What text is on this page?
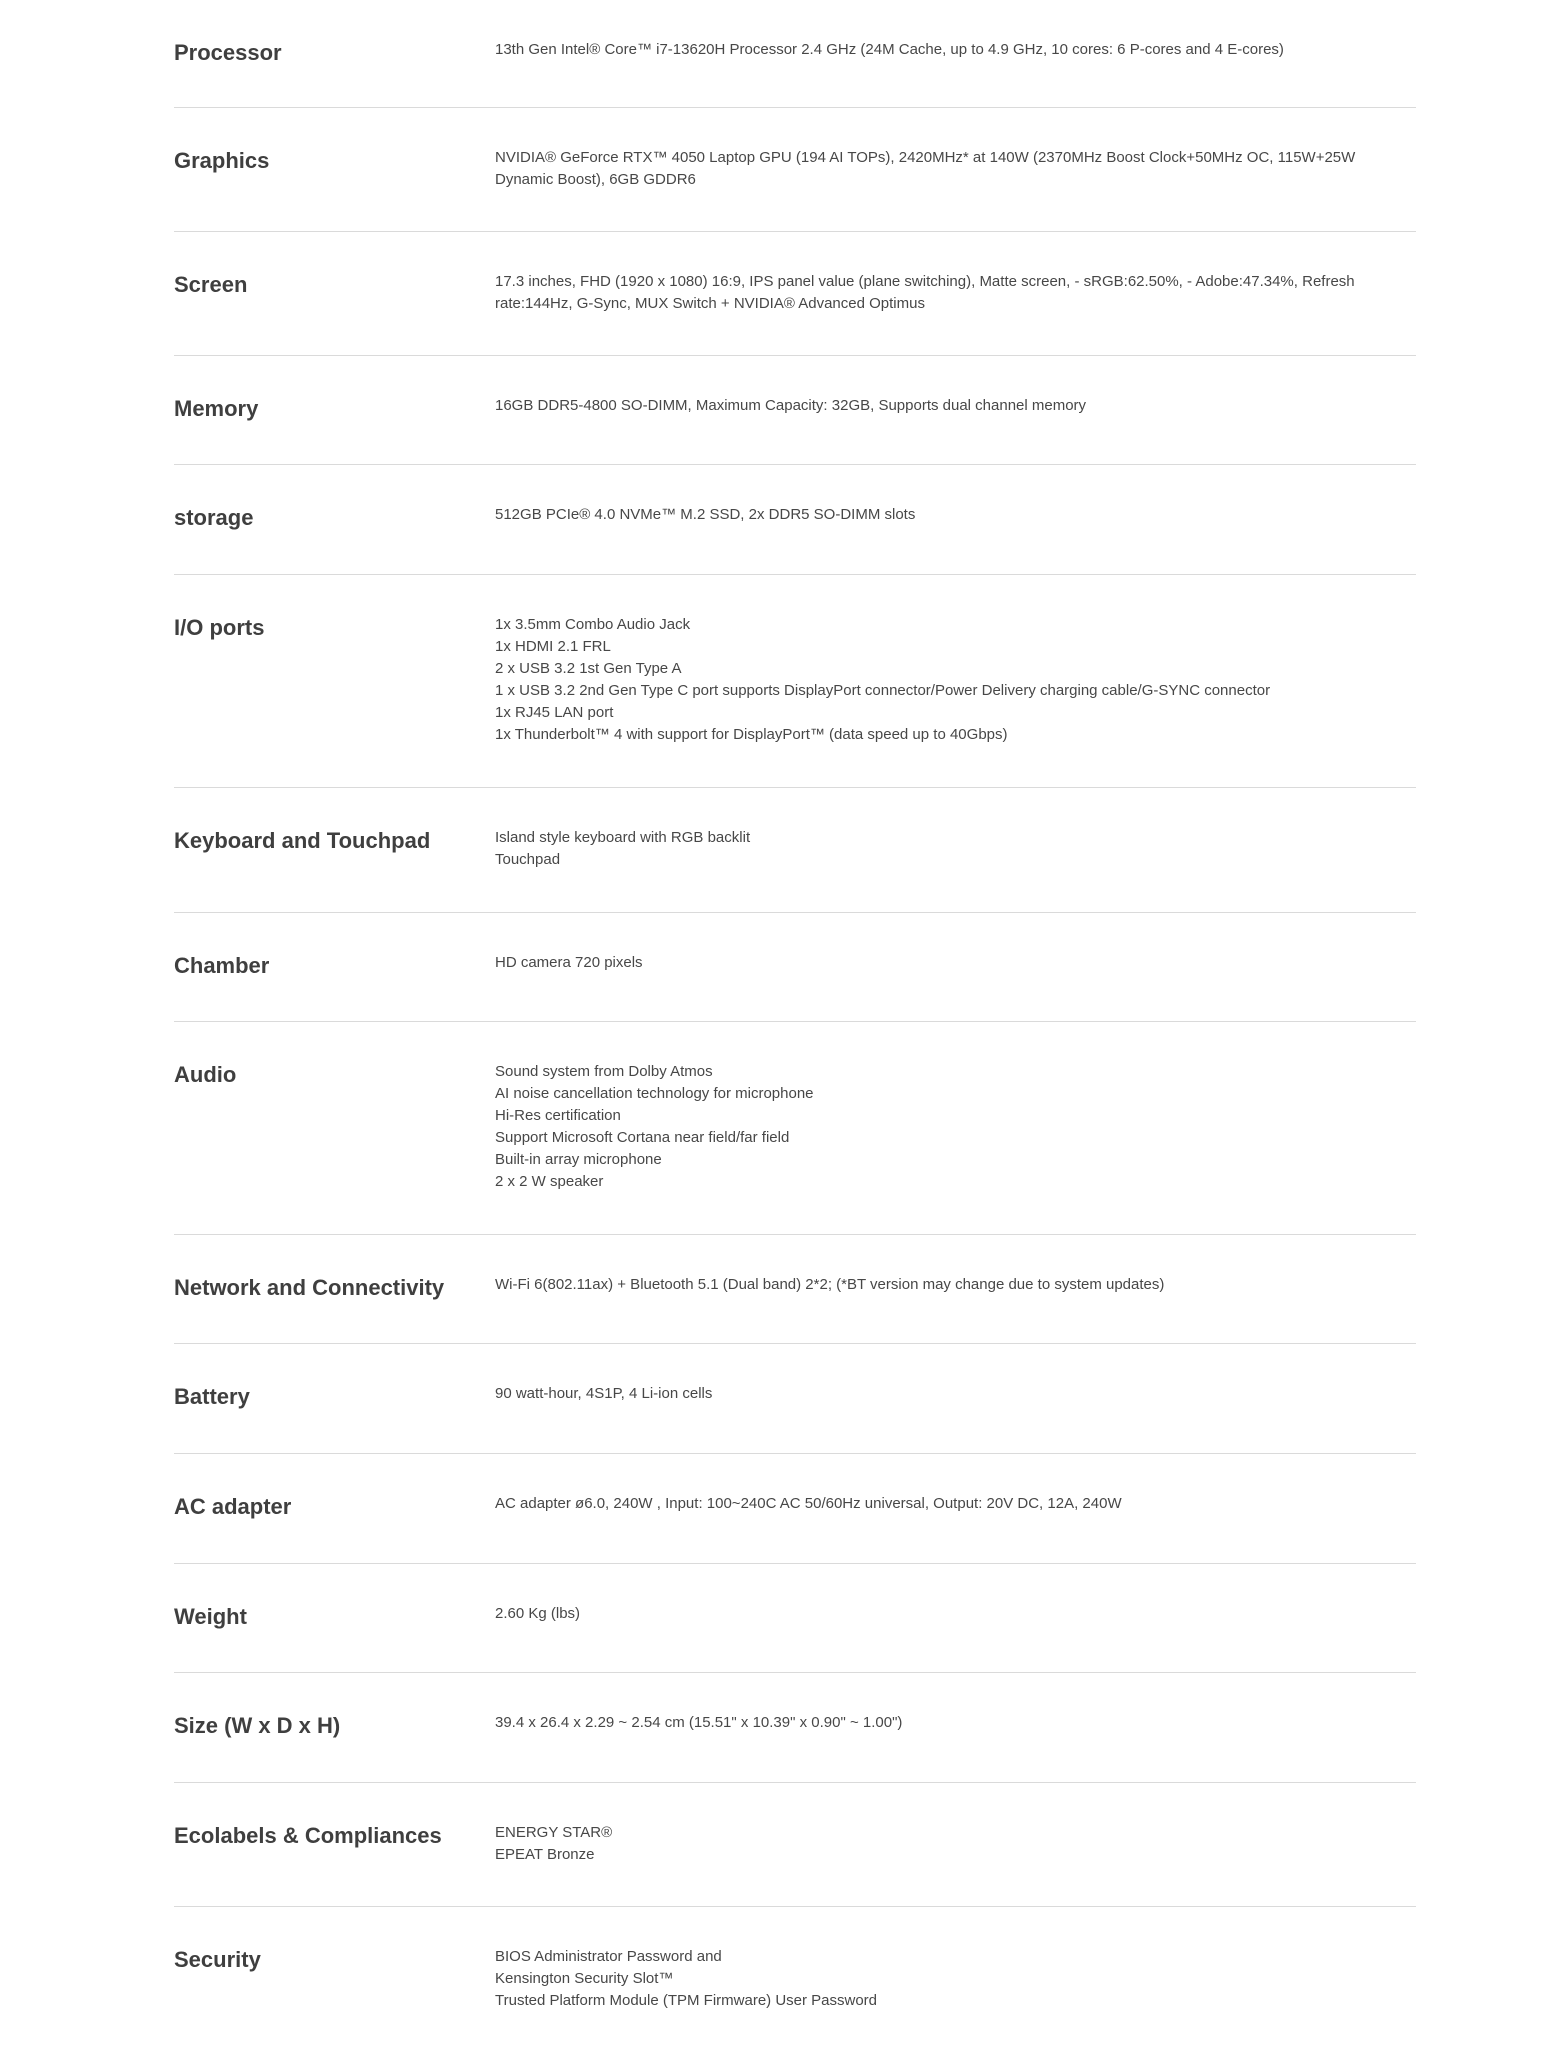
Processor	13th Gen Intel® Core™ i7-13620H Processor 2.4 GHz (24M Cache, up to 4.9 GHz, 10 cores: 6 P-cores and 4 E-cores)
Graphics	NVIDIA® GeForce RTX™ 4050 Laptop GPU (194 AI TOPs), 2420MHz* at 140W (2370MHz Boost Clock+50MHz OC, 115W+25W Dynamic Boost), 6GB GDDR6
Screen	17.3 inches, FHD (1920 x 1080) 16:9, IPS panel value (plane switching), Matte screen, - sRGB:62.50%, - Adobe:47.34%, Refresh rate:144Hz, G-Sync, MUX Switch + NVIDIA® Advanced Optimus
Memory	16GB DDR5-4800 SO-DIMM, Maximum Capacity: 32GB, Supports dual channel memory
storage	512GB PCIe® 4.0 NVMe™ M.2 SSD, 2x DDR5 SO-DIMM slots
I/O ports	1x 3.5mm Combo Audio Jack
1x HDMI 2.1 FRL
2 x USB 3.2 1st Gen Type A
1 x USB 3.2 2nd Gen Type C port supports DisplayPort connector/Power Delivery charging cable/G-SYNC connector
1x RJ45 LAN port
1x Thunderbolt™ 4 with support for DisplayPort™ (data speed up to 40Gbps)
Keyboard and Touchpad	Island style keyboard with RGB backlit
Touchpad
Chamber	HD camera 720 pixels
Audio	Sound system from Dolby Atmos
AI noise cancellation technology for microphone
Hi-Res certification
Support Microsoft Cortana near field/far field
Built-in array microphone
2 x 2 W speaker
Network and Connectivity	Wi-Fi 6(802.11ax) + Bluetooth 5.1 (Dual band) 2*2; (*BT version may change due to system updates)
Battery	90 watt-hour, 4S1P, 4 Li-ion cells
AC adapter	AC adapter ø6.0, 240W , Input: 100~240C AC 50/60Hz universal, Output: 20V DC, 12A, 240W
Weight	2.60 Kg (lbs)
Size (W x D x H)	39.4 x 26.4 x 2.29 ~ 2.54 cm (15.51" x 10.39" x 0.90" ~ 1.00")
Ecolabels & Compliances	ENERGY STAR®
EPEAT Bronze
Security	BIOS Administrator Password and
Kensington Security Slot™
Trusted Platform Module (TPM Firmware) User Password
